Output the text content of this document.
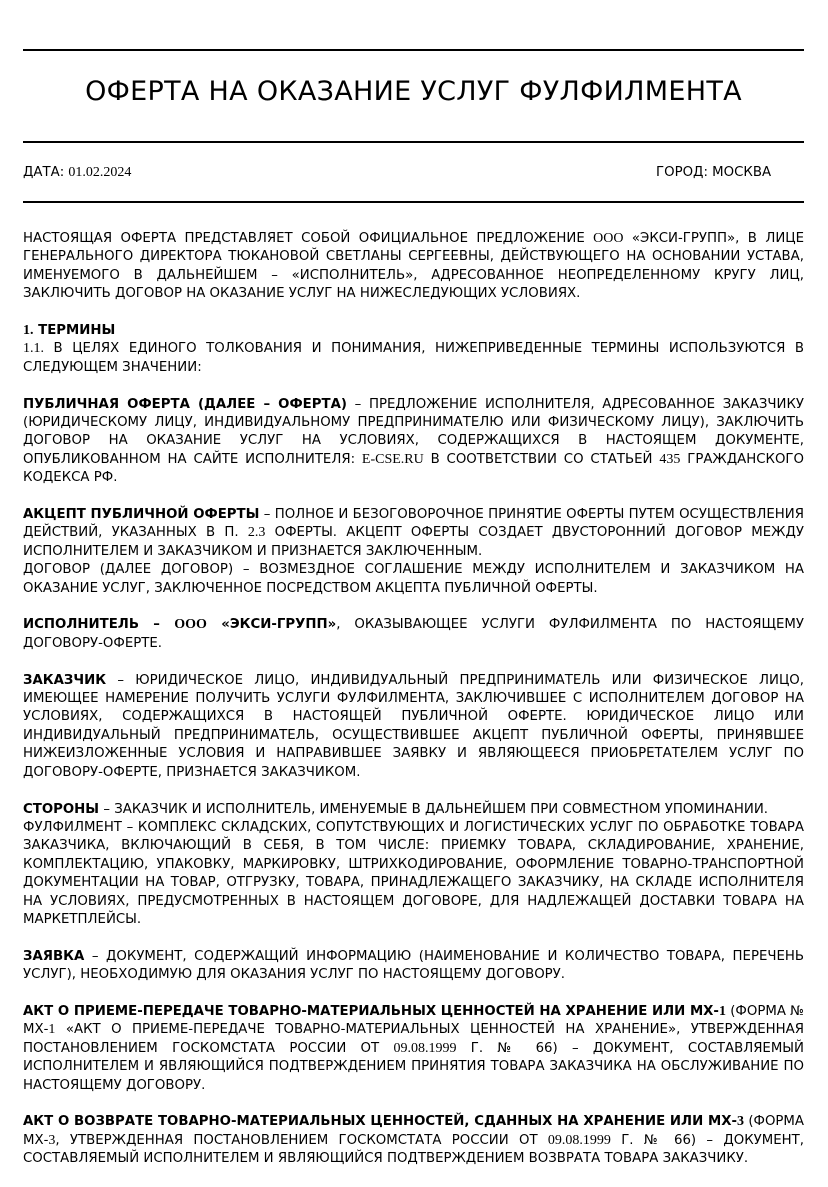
ОФЕРТА НА ОКАЗАНИЕ УСЛУГ ФУЛФИЛМЕНТА
ДАТА: 01.02.2024	ГОРОД: МОСКВА

НАСТОЯЩАЯ ОФЕРТА ПРЕДСТАВЛЯЕТ СОБОЙ ОФИЦИАЛЬНОЕ ПРЕДЛОЖЕНИЕ ООО «ЭКСИ-ГРУПП», В ЛИЦЕ ГЕНЕРАЛЬНОГО ДИРЕКТОРА ТЮКАНОВОЙ СВЕТЛАНЫ СЕРГЕЕВНЫ, ДЕЙСТВУЮЩЕГО НА ОСНОВАНИИ УСТАВА, ИМЕНУЕМОГО В ДАЛЬНЕЙШЕМ – «ИСПОЛНИТЕЛЬ», АДРЕСОВАННОЕ НЕОПРЕДЕЛЕННОМУ КРУГУ ЛИЦ, ЗАКЛЮЧИТЬ ДОГОВОР НА ОКАЗАНИЕ УСЛУГ НА НИЖЕСЛЕДУЮЩИХ УСЛОВИЯХ.

1. ТЕРМИНЫ

1.1. В ЦЕЛЯХ ЕДИНОГО ТОЛКОВАНИЯ И ПОНИМАНИЯ, НИЖЕПРИВЕДЕННЫЕ ТЕРМИНЫ ИСПОЛЬЗУЮТСЯ В СЛЕДУЮЩЕМ ЗНАЧЕНИИ:

ПУБЛИЧНАЯ ОФЕРТА (ДАЛЕЕ – ОФЕРТА) – ПРЕДЛОЖЕНИЕ ИСПОЛНИТЕЛЯ, АДРЕСОВАННОЕ ЗАКАЗЧИКУ (ЮРИДИЧЕСКОМУ ЛИЦУ, ИНДИВИДУАЛЬНОМУ ПРЕДПРИНИМАТЕЛЮ ИЛИ ФИЗИЧЕСКОМУ ЛИЦУ), ЗАКЛЮЧИТЬ ДОГОВОР НА ОКАЗАНИЕ УСЛУГ НА УСЛОВИЯХ, СОДЕРЖАЩИХСЯ В НАСТОЯЩЕМ ДОКУМЕНТЕ, ОПУБЛИКОВАННОМ НА САЙТЕ ИСПОЛНИТЕЛЯ: E-CSE.RU В СООТВЕТСТВИИ СО СТАТЬЕЙ 435 ГРАЖДАНСКОГО КОДЕКСА РФ.

АКЦЕПТ ПУБЛИЧНОЙ ОФЕРТЫ – ПОЛНОЕ И БЕЗОГОВОРОЧНОЕ ПРИНЯТИЕ ОФЕРТЫ ПУТЕМ ОСУЩЕСТВЛЕНИЯ ДЕЙСТВИЙ, УКАЗАННЫХ В П. 2.3 ОФЕРТЫ. АКЦЕПТ ОФЕРТЫ СОЗДАЕТ ДВУСТОРОННИЙ ДОГОВОР МЕЖДУ ИСПОЛНИТЕЛЕМ И ЗАКАЗЧИКОМ И ПРИЗНАЕТСЯ ЗАКЛЮЧЕННЫМ.

ДОГОВОР (ДАЛЕЕ ДОГОВОР) – ВОЗМЕЗДНОЕ СОГЛАШЕНИЕ МЕЖДУ ИСПОЛНИТЕЛЕМ И ЗАКАЗЧИКОМ НА ОКАЗАНИЕ УСЛУГ, ЗАКЛЮЧЕННОЕ ПОСРЕДСТВОМ АКЦЕПТА ПУБЛИЧНОЙ ОФЕРТЫ.

ИСПОЛНИТЕЛЬ – ООО «ЭКСИ-ГРУПП», ОКАЗЫВАЮЩЕЕ УСЛУГИ ФУЛФИЛМЕНТА ПО НАСТОЯЩЕМУ ДОГОВОРУ-ОФЕРТЕ.

ЗАКАЗЧИК – ЮРИДИЧЕСКОЕ ЛИЦО, ИНДИВИДУАЛЬНЫЙ ПРЕДПРИНИМАТЕЛЬ ИЛИ ФИЗИЧЕСКОЕ ЛИЦО, ИМЕЮЩЕЕ НАМЕРЕНИЕ ПОЛУЧИТЬ УСЛУГИ ФУЛФИЛМЕНТА, ЗАКЛЮЧИВШЕЕ С ИСПОЛНИТЕЛЕМ ДОГОВОР НА УСЛОВИЯХ, СОДЕРЖАЩИХСЯ В НАСТОЯЩЕЙ ПУБЛИЧНОЙ ОФЕРТЕ. ЮРИДИЧЕСКОЕ ЛИЦО ИЛИ ИНДИВИДУАЛЬНЫЙ ПРЕДПРИНИМАТЕЛЬ, ОСУЩЕСТВИВШЕЕ АКЦЕПТ ПУБЛИЧНОЙ ОФЕРТЫ, ПРИНЯВШЕЕ НИЖЕИЗЛОЖЕННЫЕ УСЛОВИЯ И НАПРАВИВШЕЕ ЗАЯВКУ И ЯВЛЯЮЩЕЕСЯ ПРИОБРЕТАТЕЛЕМ УСЛУГ ПО ДОГОВОРУ-ОФЕРТЕ, ПРИЗНАЕТСЯ ЗАКАЗЧИКОМ.

СТОРОНЫ – ЗАКАЗЧИК И ИСПОЛНИТЕЛЬ, ИМЕНУЕМЫЕ В ДАЛЬНЕЙШЕМ ПРИ СОВМЕСТНОМ УПОМИНАНИИ.

ФУЛФИЛМЕНТ – КОМПЛЕКС СКЛАДСКИХ, СОПУТСТВУЮЩИХ И ЛОГИСТИЧЕСКИХ УСЛУГ ПО ОБРАБОТКЕ ТОВАРА ЗАКАЗЧИКА, ВКЛЮЧАЮЩИЙ В СЕБЯ, В ТОМ ЧИСЛЕ: ПРИЕМКУ ТОВАРА, СКЛАДИРОВАНИЕ, ХРАНЕНИЕ, КОМПЛЕКТАЦИЮ, УПАКОВКУ, МАРКИРОВКУ, ШТРИХКОДИРОВАНИЕ, ОФОРМЛЕНИЕ ТОВАРНО-ТРАНСПОРТНОЙ ДОКУМЕНТАЦИИ НА ТОВАР, ОТГРУЗКУ, ТОВАРА, ПРИНАДЛЕЖАЩЕГО ЗАКАЗЧИКУ, НА СКЛАДЕ ИСПОЛНИТЕЛЯ НА УСЛОВИЯХ, ПРЕДУСМОТРЕННЫХ В НАСТОЯЩЕМ ДОГОВОРЕ, ДЛЯ НАДЛЕЖАЩЕЙ ДОСТАВКИ ТОВАРА НА МАРКЕТПЛЕЙСЫ.

ЗАЯВКА – ДОКУМЕНТ, СОДЕРЖАЩИЙ ИНФОРМАЦИЮ (НАИМЕНОВАНИЕ И КОЛИЧЕСТВО ТОВАРА, ПЕРЕЧЕНЬ УСЛУГ), НЕОБХОДИМУЮ ДЛЯ ОКАЗАНИЯ УСЛУГ ПО НАСТОЯЩЕМУ ДОГОВОРУ.

АКТ О ПРИЕМЕ-ПЕРЕДАЧЕ ТОВАРНО-МАТЕРИАЛЬНЫХ ЦЕННОСТЕЙ НА ХРАНЕНИЕ ИЛИ МХ-1 (ФОРМА № МХ-1 «АКТ О ПРИЕМЕ-ПЕРЕДАЧЕ ТОВАРНО-МАТЕРИАЛЬНЫХ ЦЕННОСТЕЙ НА ХРАНЕНИЕ», УТВЕРЖДЕННАЯ ПОСТАНОВЛЕНИЕМ ГОСКОМСТАТА РОССИИ ОТ 09.08.1999 Г. № 66) – ДОКУМЕНТ, СОСТАВЛЯЕМЫЙ ИСПОЛНИТЕЛЕМ И ЯВЛЯЮЩИЙСЯ ПОДТВЕРЖДЕНИЕМ ПРИНЯТИЯ ТОВАРА ЗАКАЗЧИКА НА ОБСЛУЖИВАНИЕ ПО НАСТОЯЩЕМУ ДОГОВОРУ.

АКТ О ВОЗВРАТЕ ТОВАРНО-МАТЕРИАЛЬНЫХ ЦЕННОСТЕЙ, СДАННЫХ НА ХРАНЕНИЕ ИЛИ МХ-3 (ФОРМА МХ-3, УТВЕРЖДЕННАЯ ПОСТАНОВЛЕНИЕМ ГОСКОМСТАТА РОССИИ ОТ 09.08.1999 Г. № 66) – ДОКУМЕНТ, СОСТАВЛЯЕМЫЙ ИСПОЛНИТЕЛЕМ И ЯВЛЯЮЩИЙСЯ ПОДТВЕРЖДЕНИЕМ ВОЗВРАТА ТОВАРА ЗАКАЗЧИКУ.
